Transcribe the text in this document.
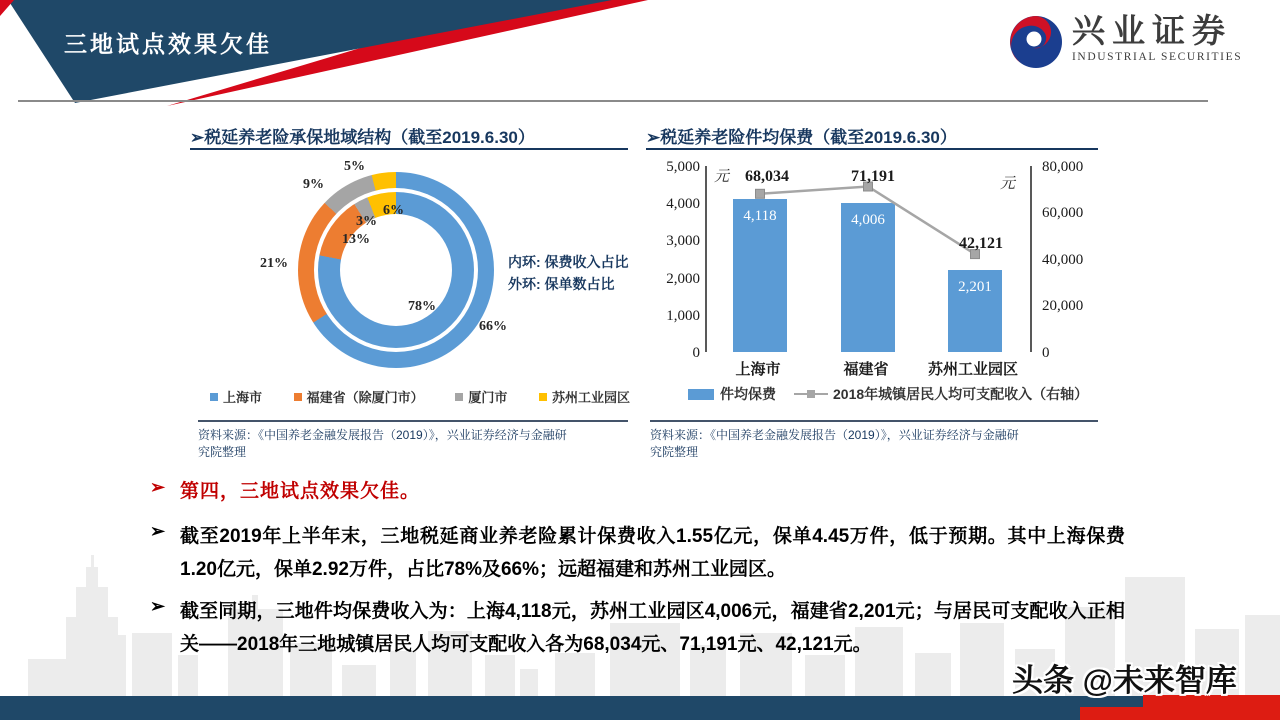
三地试点效果欠佳	兴业证券
INDUSTRIAL SECURITIES
➢税延养老险承保地域结构（截至2019.6.30）
5%
9%
6%
3%
13%
21%
78%
66%
内环: 保费收入占比
外环: 保单数占比
上海市	福建省（除厦门市）	厦门市	苏州工业园区
资料来源：《中国养老金融发展报告（2019）》，兴业证券经济与金融研
究院整理
➢税延养老险件均保费（截至2019.6.30）
5,000
4,000
3,000
2,000
1,000
0
80,000
60,000
40,000
20,000
0
元	元
4,118	4,006
2,201
68,034	71,191
42,121
上海市	福建省	苏州工业园区
件均保费	2018年城镇居民人均可支配收入（右轴）
资料来源：《中国养老金融发展报告（2019）》，兴业证券经济与金融研
究院整理
➢ 第四，三地试点效果欠佳。
➢ 截至2019年上半年末，三地税延商业养老险累计保费收入1.55亿元，保单4.45万件，低于预期。其中上海保费1.20亿元，保单2.92万件，占比78%及66%；远超福建和苏州工业园区。
➢ 截至同期，三地件均保费收入为：上海4,118元，苏州工业园区4,006元，福建省2,201元；与居民可支配收入正相关——2018年三地城镇居民人均可支配收入各为68,034元、71,191元、42,121元。
头条 @未来智库
